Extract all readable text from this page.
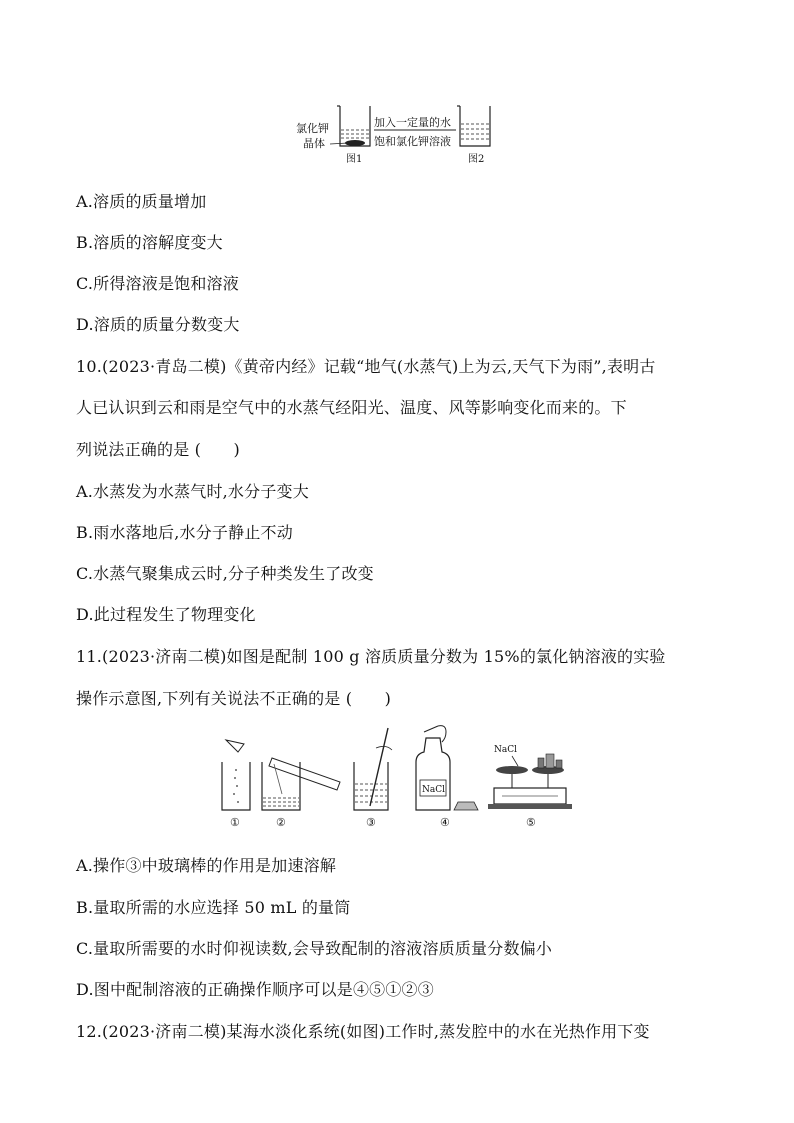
氯化钾
晶体
加入一定量的水
饱和氯化钾溶液
图1	图2
A.溶质的质量增加
B.溶质的溶解度变大
C.所得溶液是饱和溶液
D.溶质的质量分数变大
10.(2023·青岛二模)《黄帝内经》记载“地气(水蒸气)上为云,天气下为雨”,表明古
人已认识到云和雨是空气中的水蒸气经阳光、温度、风等影响变化而来的。下
列说法正确的是 (　　)
A.水蒸发为水蒸气时,水分子变大
B.雨水落地后,水分子静止不动
C.水蒸气聚集成云时,分子种类发生了改变
D.此过程发生了物理变化
11.(2023·济南二模)如图是配制 100 g 溶质质量分数为 15%的氯化钠溶液的实验
操作示意图,下列有关说法不正确的是 (　　)
NaCl
NaCl
①	②	③	④	⑤
A.操作③中玻璃棒的作用是加速溶解
B.量取所需的水应选择 50 mL 的量筒
C.量取所需要的水时仰视读数,会导致配制的溶液溶质质量分数偏小
D.图中配制溶液的正确操作顺序可以是④⑤①②③
12.(2023·济南二模)某海水淡化系统(如图)工作时,蒸发腔中的水在光热作用下变
